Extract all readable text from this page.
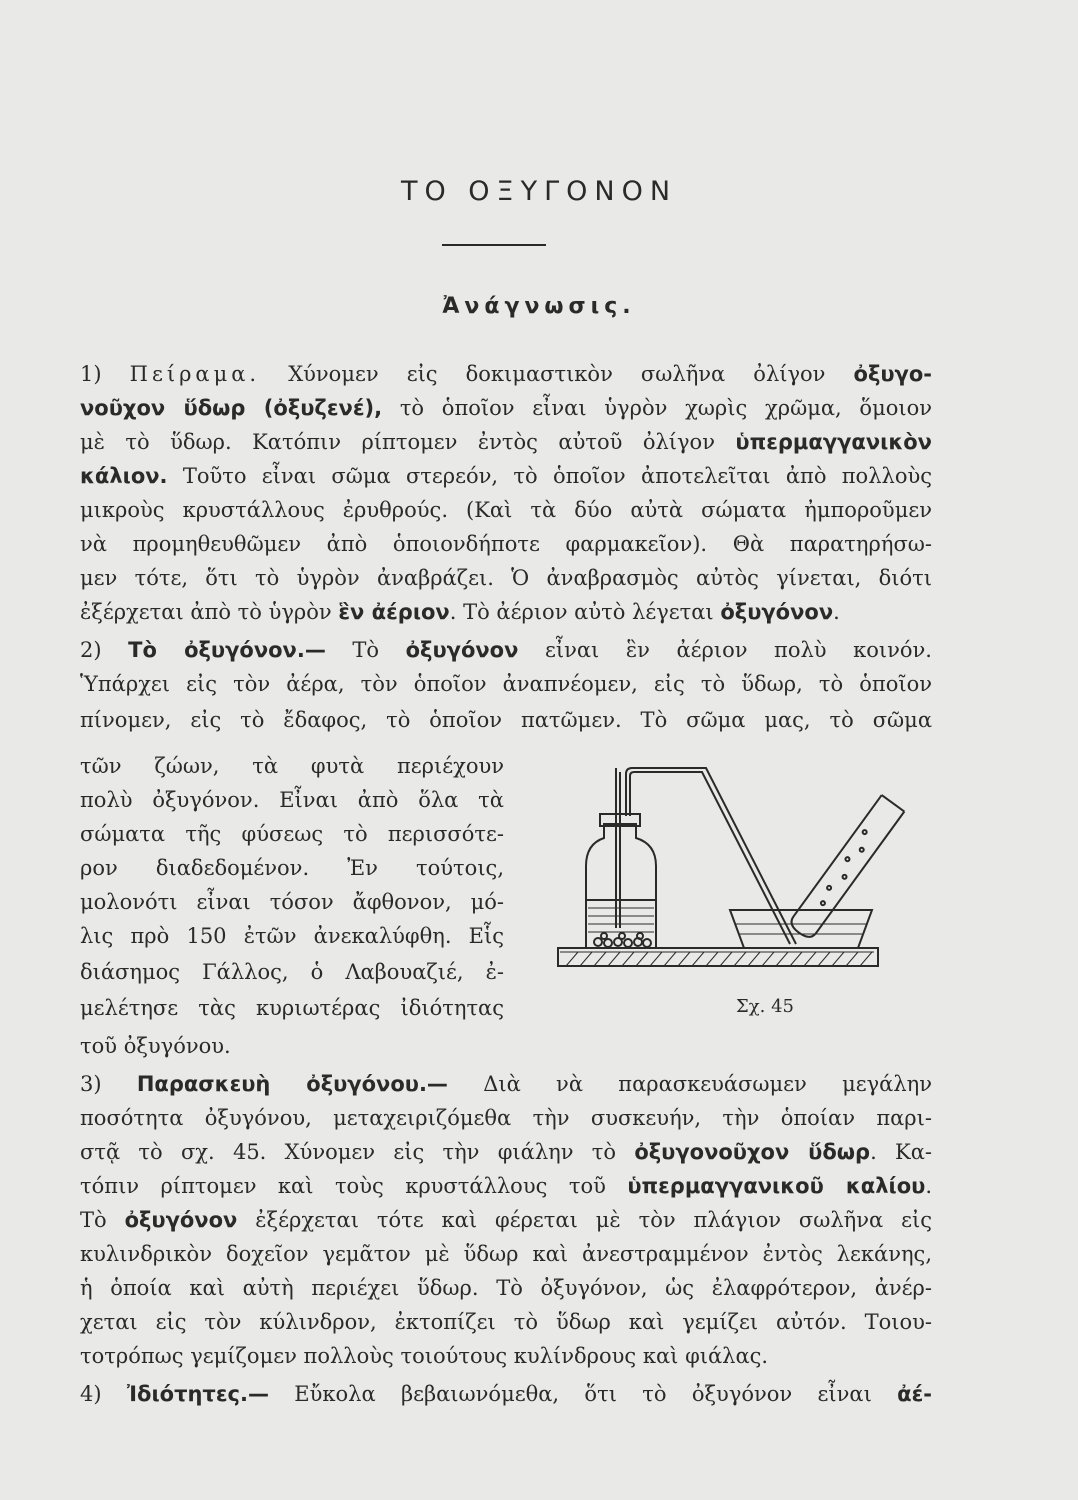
ΤΟ ΟΞΥΓΟΝΟΝ
Ἀνάγνωσις.

1) Πείραμα. Χύνομεν εἰς δοκιμαστικὸν σωλῆνα ὀλίγον ὀξυγο-

νοῦχον ὕδωρ (ὀξυζενέ), τὸ ὁποῖον εἶναι ὑγρὸν χωρὶς χρῶμα, ὅμοιον

μὲ τὸ ὕδωρ. Κατόπιν ρίπτομεν ἐντὸς αὐτοῦ ὀλίγον ὑπερμαγγανικὸν

κάλιον. Τοῦτο εἶναι σῶμα στερεόν, τὸ ὁποῖον ἀποτελεῖται ἀπὸ πολλοὺς

μικροὺς κρυστάλλους ἐρυθρούς. (Καὶ τὰ δύο αὐτὰ σώματα ἠμποροῦμεν

νὰ προμηθευθῶμεν ἀπὸ ὁποιονδήποτε φαρμακεῖον). Θὰ παρατηρήσω-

μεν τότε, ὅτι τὸ ὑγρὸν ἀναβράζει. Ὁ ἀναβρασμὸς αὐτὸς γίνεται, διότι

ἐξέρχεται ἀπὸ τὸ ὑγρὸν ἓν ἀέριον. Τὸ ἀέριον αὐτὸ λέγεται ὀξυγόνον.

2) Τὸ ὀξυγόνον.— Τὸ ὀξυγόνον εἶναι ἓν ἀέριον πολὺ κοινόν.

Ὑπάρχει εἰς τὸν ἀέρα, τὸν ὁποῖον ἀναπνέομεν, εἰς τὸ ὕδωρ, τὸ ὁποῖον

πίνομεν, εἰς τὸ ἔδαφος, τὸ ὁποῖον πατῶμεν. Τὸ σῶμα μας, τὸ σῶμα

τῶν ζώων, τὰ φυτὰ περιέχουν

πολὺ ὀξυγόνον. Εἶναι ἀπὸ ὅλα τὰ

σώματα τῆς φύσεως τὸ περισσότε-

ρον διαδεδομένον. Ἐν τούτοις,

μολονότι εἶναι τόσον ἄφθονον, μό-

λις πρὸ 150 ἐτῶν ἀνεκαλύφθη. Εἷς

διάσημος Γάλλος, ὁ Λαβουαζιέ, ἐ-

μελέτησε τὰς κυριωτέρας ἰδιότητας

τοῦ ὀξυγόνου.

Σχ. 45

3) Παρασκευὴ ὀξυγόνου.— Διὰ νὰ παρασκευάσωμεν μεγάλην

ποσότητα ὀξυγόνου, μεταχειριζόμεθα τὴν συσκευήν, τὴν ὁποίαν παρι-

στᾷ τὸ σχ. 45. Χύνομεν εἰς τὴν φιάλην τὸ ὀξυγονοῦχον ὕδωρ. Κα-

τόπιν ρίπτομεν καὶ τοὺς κρυστάλλους τοῦ ὑπερμαγγανικοῦ καλίου.

Τὸ ὀξυγόνον ἐξέρχεται τότε καὶ φέρεται μὲ τὸν πλάγιον σωλῆνα εἰς

κυλινδρικὸν δοχεῖον γεμᾶτον μὲ ὕδωρ καὶ ἀνεστραμμένον ἐντὸς λεκάνης,

ἡ ὁποία καὶ αὐτὴ περιέχει ὕδωρ. Τὸ ὀξυγόνον, ὡς ἐλαφρότερον, ἀνέρ-

χεται εἰς τὸν κύλινδρον, ἐκτοπίζει τὸ ὕδωρ καὶ γεμίζει αὐτόν. Τοιου-

τοτρόπως γεμίζομεν πολλοὺς τοιούτους κυλίνδρους καὶ φιάλας.

4) Ἰδιότητες.— Εὔκολα βεβαιωνόμεθα, ὅτι τὸ ὀξυγόνον εἶναι ἀέ-
